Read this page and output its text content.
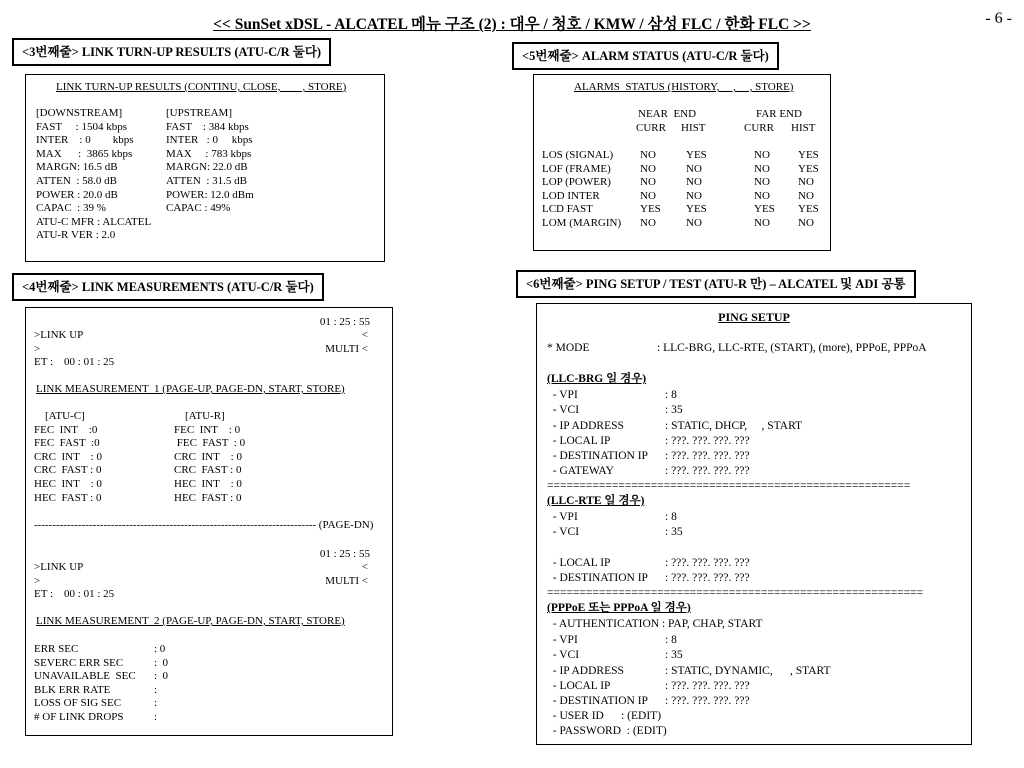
<< SunSet xDSL - ALCATEL 메뉴 구조 (2) : 대우 / 청호 / KMW / 삼성 FLC / 한화 FLC >>	- 6 -
<3번째줄> LINK TURN-UP RESULTS (ATU-C/R 둘다)	<5번째줄> ALARM STATUS (ATU-C/R 둘다)
<4번째줄> LINK MEASUREMENTS (ATU-C/R 둘다)	<6번째줄> PING SETUP / TEST (ATU-R 만) – ALCATEL 및 ADI 공통
LINK TURN-UP RESULTS (CONTINU, CLOSE,        , STORE)
[DOWNSTREAM]	[UPSTREAM]
FAST     : 1504 kbps	FAST    : 384 kbps
INTER    : 0        kbps	INTER   : 0     kbps
MAX      :  3865 kbps	MAX     : 783 kbps
MARGN: 16.5 dB	MARGN: 22.0 dB
ATTEN  : 58.0 dB	ATTEN  : 31.5 dB
POWER : 20.0 dB	POWER: 12.0 dBm
CAPAC  : 39 %	CAPAC : 49%
ATU-C MFR : ALCATEL
ATU-R VER : 2.0
ALARMS  STATUS (HISTORY,     ,     , STORE)
NEAR  END	FAR END
CURR HIST	CURR HIST
LOS (SIGNAL) NO	YES	NO	YES
LOF (FRAME)	NO	NO	NO	YES
LOP (POWER)	NO	NO	NO	NO
LOD INTER	NO	NO	NO	NO
LCD FAST	YES YES	YES YES
LOM (MARGIN) NO	NO	NO	NO
01 : 25 : 55
>LINK UP	<
>	MULTI <
ET :    00 : 01 : 25
LINK MEASUREMENT  1 (PAGE-UP, PAGE-DN, START, STORE)
[ATU-C]	[ATU-R]
FEC  INT    :0	FEC  INT    : 0
FEC  FAST  :0	FEC  FAST  : 0
CRC  INT    : 0	CRC  INT    : 0
CRC  FAST : 0	CRC  FAST : 0
HEC  INT    : 0	HEC  INT    : 0
HEC  FAST : 0	HEC  FAST : 0
----------------------------------------------------------------------------- (PAGE-DN)
01 : 25 : 55
>LINK UP	<
>	MULTI <
ET :    00 : 01 : 25
LINK MEASUREMENT  2 (PAGE-UP, PAGE-DN, START, STORE)
ERR SEC	: 0
SEVERC ERR SEC	:  0
UNAVAILABLE  SEC :  0
BLK ERR RATE	:
LOSS OF SIG SEC	:
# OF LINK DROPS	:
PING SETUP
* MODE	: LLC-BRG, LLC-RTE, (START), (more), PPPoE, PPPoA
(LLC-BRG 일 경우)
- VPI	: 8
- VCI	: 35
- IP ADDRESS	: STATIC, DHCP,     , START
- LOCAL IP	: ???. ???. ???. ???
- DESTINATION IP : ???. ???. ???. ???
- GATEWAY	: ???. ???. ???. ???
========================================================
(LLC-RTE 일 경우)
- VPI	: 8
- VCI	: 35
- LOCAL IP	: ???. ???. ???. ???
- DESTINATION IP : ???. ???. ???. ???
==========================================================
(PPPoE 또는 PPPoA 일 경우)
- AUTHENTICATION : PAP, CHAP, START
- VPI	: 8
- VCI	: 35
- IP ADDRESS	: STATIC, DYNAMIC,      , START
- LOCAL IP	: ???. ???. ???. ???
- DESTINATION IP : ???. ???. ???. ???
- USER ID      : (EDIT)
- PASSWORD  : (EDIT)
